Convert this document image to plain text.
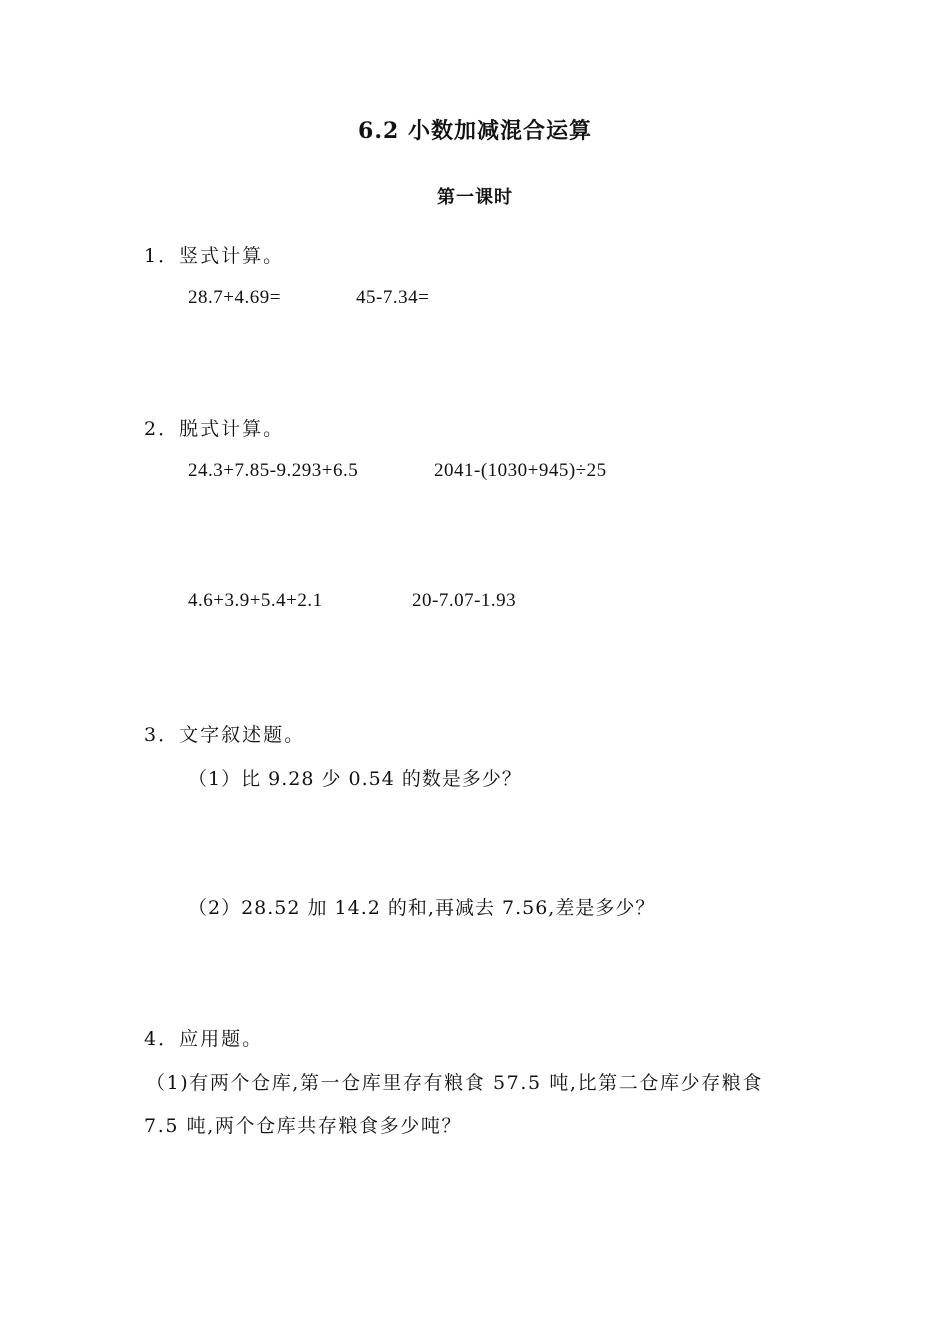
6.2 小数加减混合运算
第一课时
1．竖式计算。
28.7+4.69=	45-7.34=
2．脱式计算。
24.3+7.85-9.293+6.5	2041-(1030+945)÷25
4.6+3.9+5.4+2.1	20-7.07-1.93
3．文字叙述题。
（1）比 9.28 少 0.54 的数是多少？
（2）28.52 加 14.2 的和,再减去 7.56,差是多少？
4．应用题。
（1)有两个仓库,第一仓库里存有粮食 57.5 吨,比第二仓库少存粮食
7.5 吨,两个仓库共存粮食多少吨？
